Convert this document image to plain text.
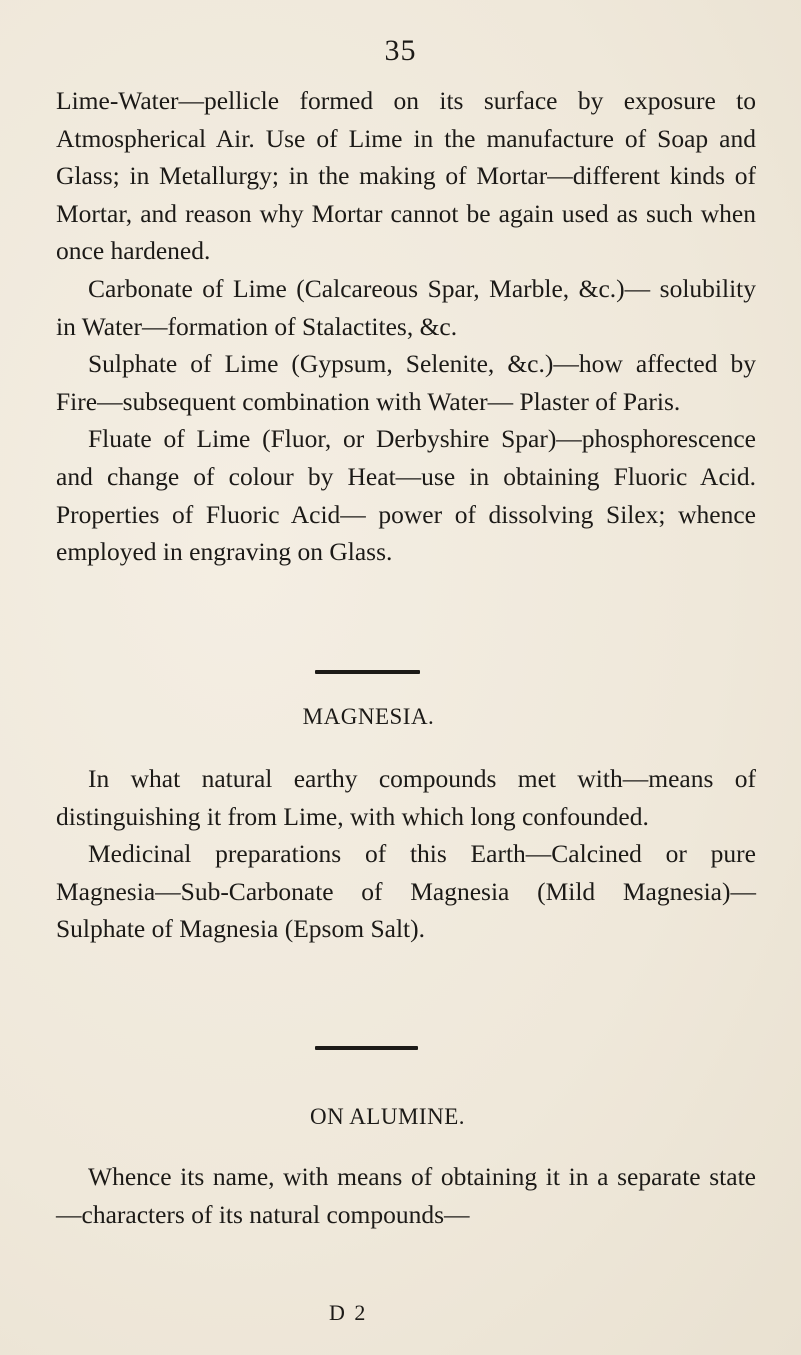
35

Lime-Water—pellicle formed on its surface by exposure to Atmospherical Air. Use of Lime in the manufacture of Soap and Glass; in Metallurgy; in the making of Mortar—different kinds of Mortar, and reason why Mortar cannot be again used as such when once hardened.

Carbonate of Lime (Calcareous Spar, Marble, &c.)— solubility in Water—formation of Stalactites, &c.

Sulphate of Lime (Gypsum, Selenite, &c.)—how affected by Fire—subsequent combination with Water— Plaster of Paris.

Fluate of Lime (Fluor, or Derbyshire Spar)—phosphorescence and change of colour by Heat—use in obtaining Fluoric Acid. Properties of Fluoric Acid— power of dissolving Silex; whence employed in engraving on Glass.

MAGNESIA.

In what natural earthy compounds met with—means of distinguishing it from Lime, with which long confounded.

Medicinal preparations of this Earth—Calcined or pure Magnesia—Sub-Carbonate of Magnesia (Mild Magnesia)—Sulphate of Magnesia (Epsom Salt).

ON ALUMINE.

Whence its name, with means of obtaining it in a separate state—characters of its natural compounds—

D 2
